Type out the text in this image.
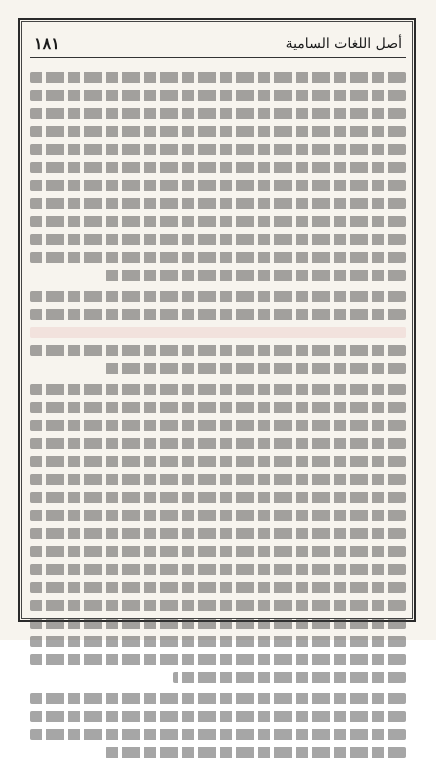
أصل اللغات السامية
١٨١
